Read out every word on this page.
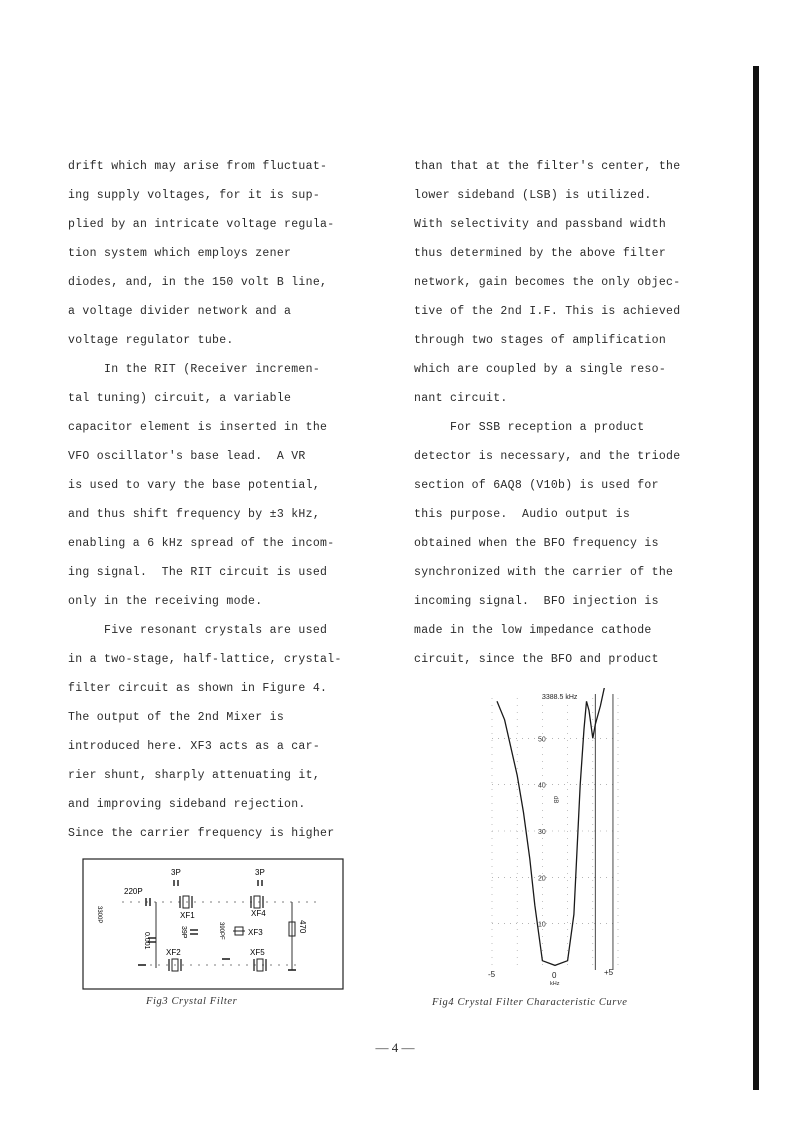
drift which may arise from fluctuat-
ing supply voltages, for it is sup-
plied by an intricate voltage regula-
tion system which employs zener
diodes, and, in the 150 volt B line,
a voltage divider network and a
voltage regulator tube.
In the RIT (Receiver incremen-
tal tuning) circuit, a variable
capacitor element is inserted in the
VFO oscillator's base lead.  A VR
is used to vary the base potential,
and thus shift frequency by ±3 kHz,
enabling a 6 kHz spread of the incom-
ing signal.  The RIT circuit is used
only in the receiving mode.
Five resonant crystals are used
in a two-stage, half-lattice, crystal-
filter circuit as shown in Figure 4.
The output of the 2nd Mixer is
introduced here. XF3 acts as a car-
rier shunt, sharply attenuating it,
and improving sideband rejection.
Since the carrier frequency is higher
than that at the filter's center, the
lower sideband (LSB) is utilized.
With selectivity and passband width
thus determined by the above filter
network, gain becomes the only objec-
tive of the 2nd I.F. This is achieved
through two stages of amplification
which are coupled by a single reso-
nant circuit.
For SSB reception a product
detector is necessary, and the triode
section of 6AQ8 (V10b) is used for
this purpose.  Audio output is
obtained when the BFO frequency is
synchronized with the carrier of the
incoming signal.  BFO injection is
made in the low impedance cathode
circuit, since the BFO and product
3P	3P
220P
XF1	XF4
XF3
XF2	XF5
0.001
3300P
39P	390PF	470
Fig3 Crystal Filter
3388.5 kHz
50
40
30
20
10
dB
-5	0
kHz
+5
Fig4 Crystal Filter Characteristic Curve
— 4 —
